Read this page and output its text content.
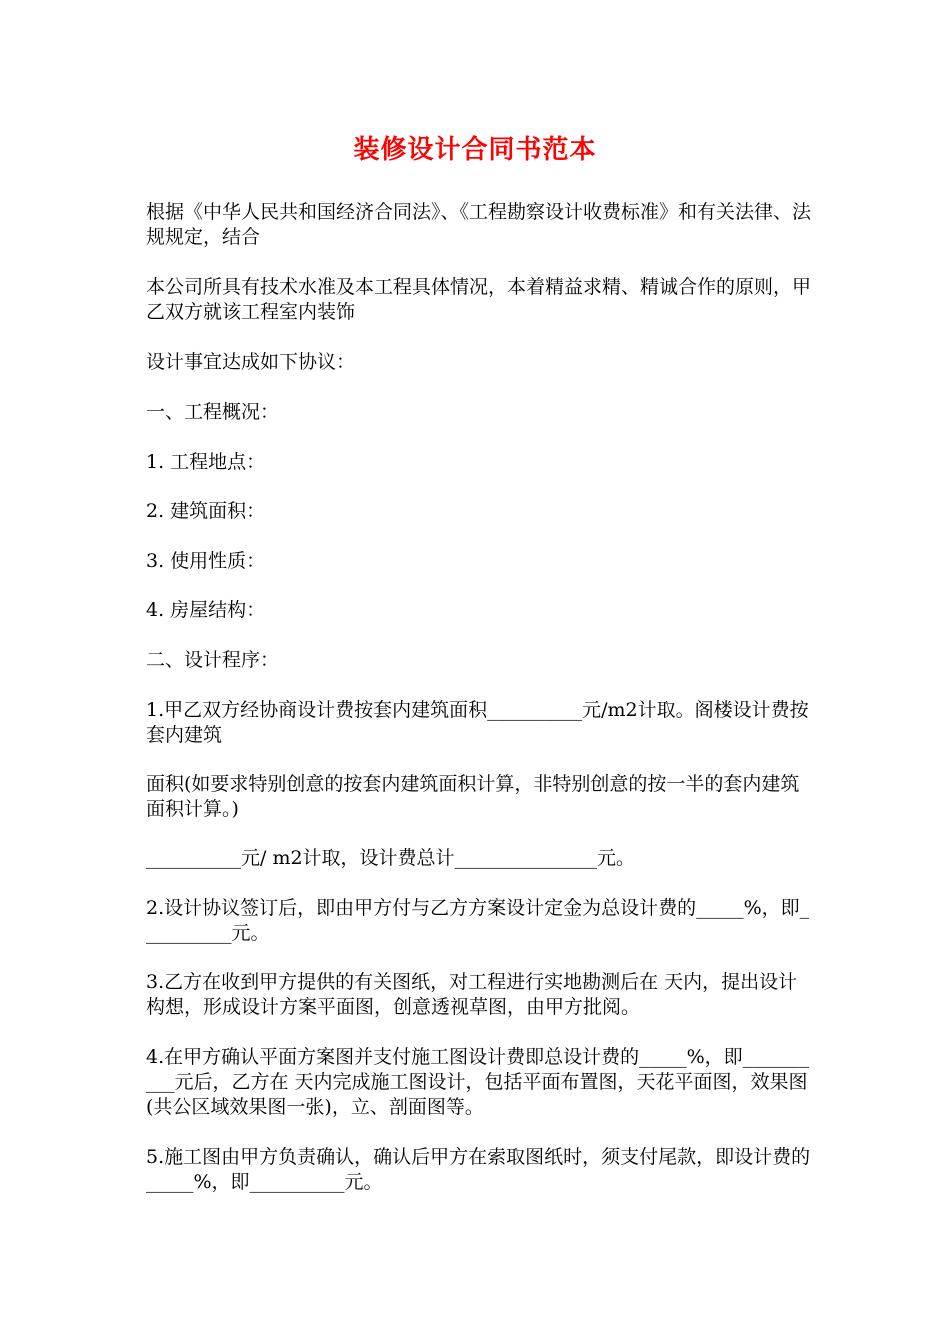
装修设计合同书范本
根据《中华人民共和国经济合同法》、《工程勘察设计收费标准》和有关法律、法规规定，结合
本公司所具有技术水准及本工程具体情况，本着精益求精、精诚合作的原则，甲乙双方就该工程室内装饰
设计事宜达成如下协议：
一、工程概况：
1. 工程地点：
2. 建筑面积：
3. 使用性质：
4. 房屋结构：
二、设计程序：
1.甲乙双方经协商设计费按套内建筑面积__________元/m2计取。阁楼设计费按套内建筑
面积(如要求特别创意的按套内建筑面积计算，非特别创意的按一半的套内建筑面积计算。)
__________元/ m2计取，设计费总计_______________元。
2.设计协议签订后，即由甲方付与乙方方案设计定金为总设计费的_____%，即__________元。
3.乙方在收到甲方提供的有关图纸，对工程进行实地勘测后在 天内，提出设计构想，形成设计方案平面图，创意透视草图，由甲方批阅。
4.在甲方确认平面方案图并支付施工图设计费即总设计费的_____%，即__________元后，乙方在 天内完成施工图设计，包括平面布置图，天花平面图，效果图(共公区域效果图一张)，立、剖面图等。
5.施工图由甲方负责确认，确认后甲方在索取图纸时，须支付尾款，即设计费的_____%，即__________元。
